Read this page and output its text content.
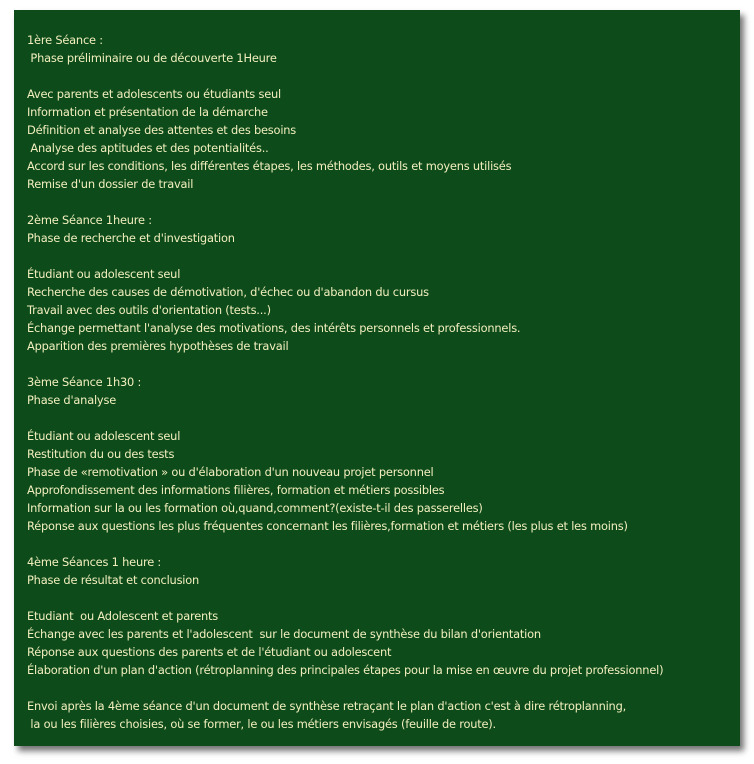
1ère Séance :
Phase préliminaire ou de découverte 1Heure
Avec parents et adolescents ou étudiants seul
Information et présentation de la démarche
Définition et analyse des attentes et des besoins
Analyse des aptitudes et des potentialités..
Accord sur les conditions, les différentes étapes, les méthodes, outils et moyens utilisés
Remise d'un dossier de travail
2ème Séance 1heure :
Phase de recherche et d'investigation
Étudiant ou adolescent seul
Recherche des causes de démotivation, d'échec ou d'abandon du cursus
Travail avec des outils d'orientation (tests...)
Échange permettant l'analyse des motivations, des intérêts personnels et professionnels.
Apparition des premières hypothèses de travail
3ème Séance 1h30 :
Phase d'analyse
Étudiant ou adolescent seul
Restitution du ou des tests
Phase de «remotivation » ou d'élaboration d'un nouveau projet personnel
Approfondissement des informations filières, formation et métiers possibles
Information sur la ou les formation où,quand,comment?(existe-t-il des passerelles)
Réponse aux questions les plus fréquentes concernant les filières,formation et métiers (les plus et les moins)
4ème Séances 1 heure :
Phase de résultat et conclusion
Etudiant  ou Adolescent et parents
Échange avec les parents et l'adolescent  sur le document de synthèse du bilan d'orientation
Réponse aux questions des parents et de l'étudiant ou adolescent
Élaboration d'un plan d'action (rétroplanning des principales étapes pour la mise en œuvre du projet professionnel)
Envoi après la 4ème séance d'un document de synthèse retraçant le plan d'action c'est à dire rétroplanning,
la ou les filières choisies, où se former, le ou les métiers envisagés (feuille de route).
